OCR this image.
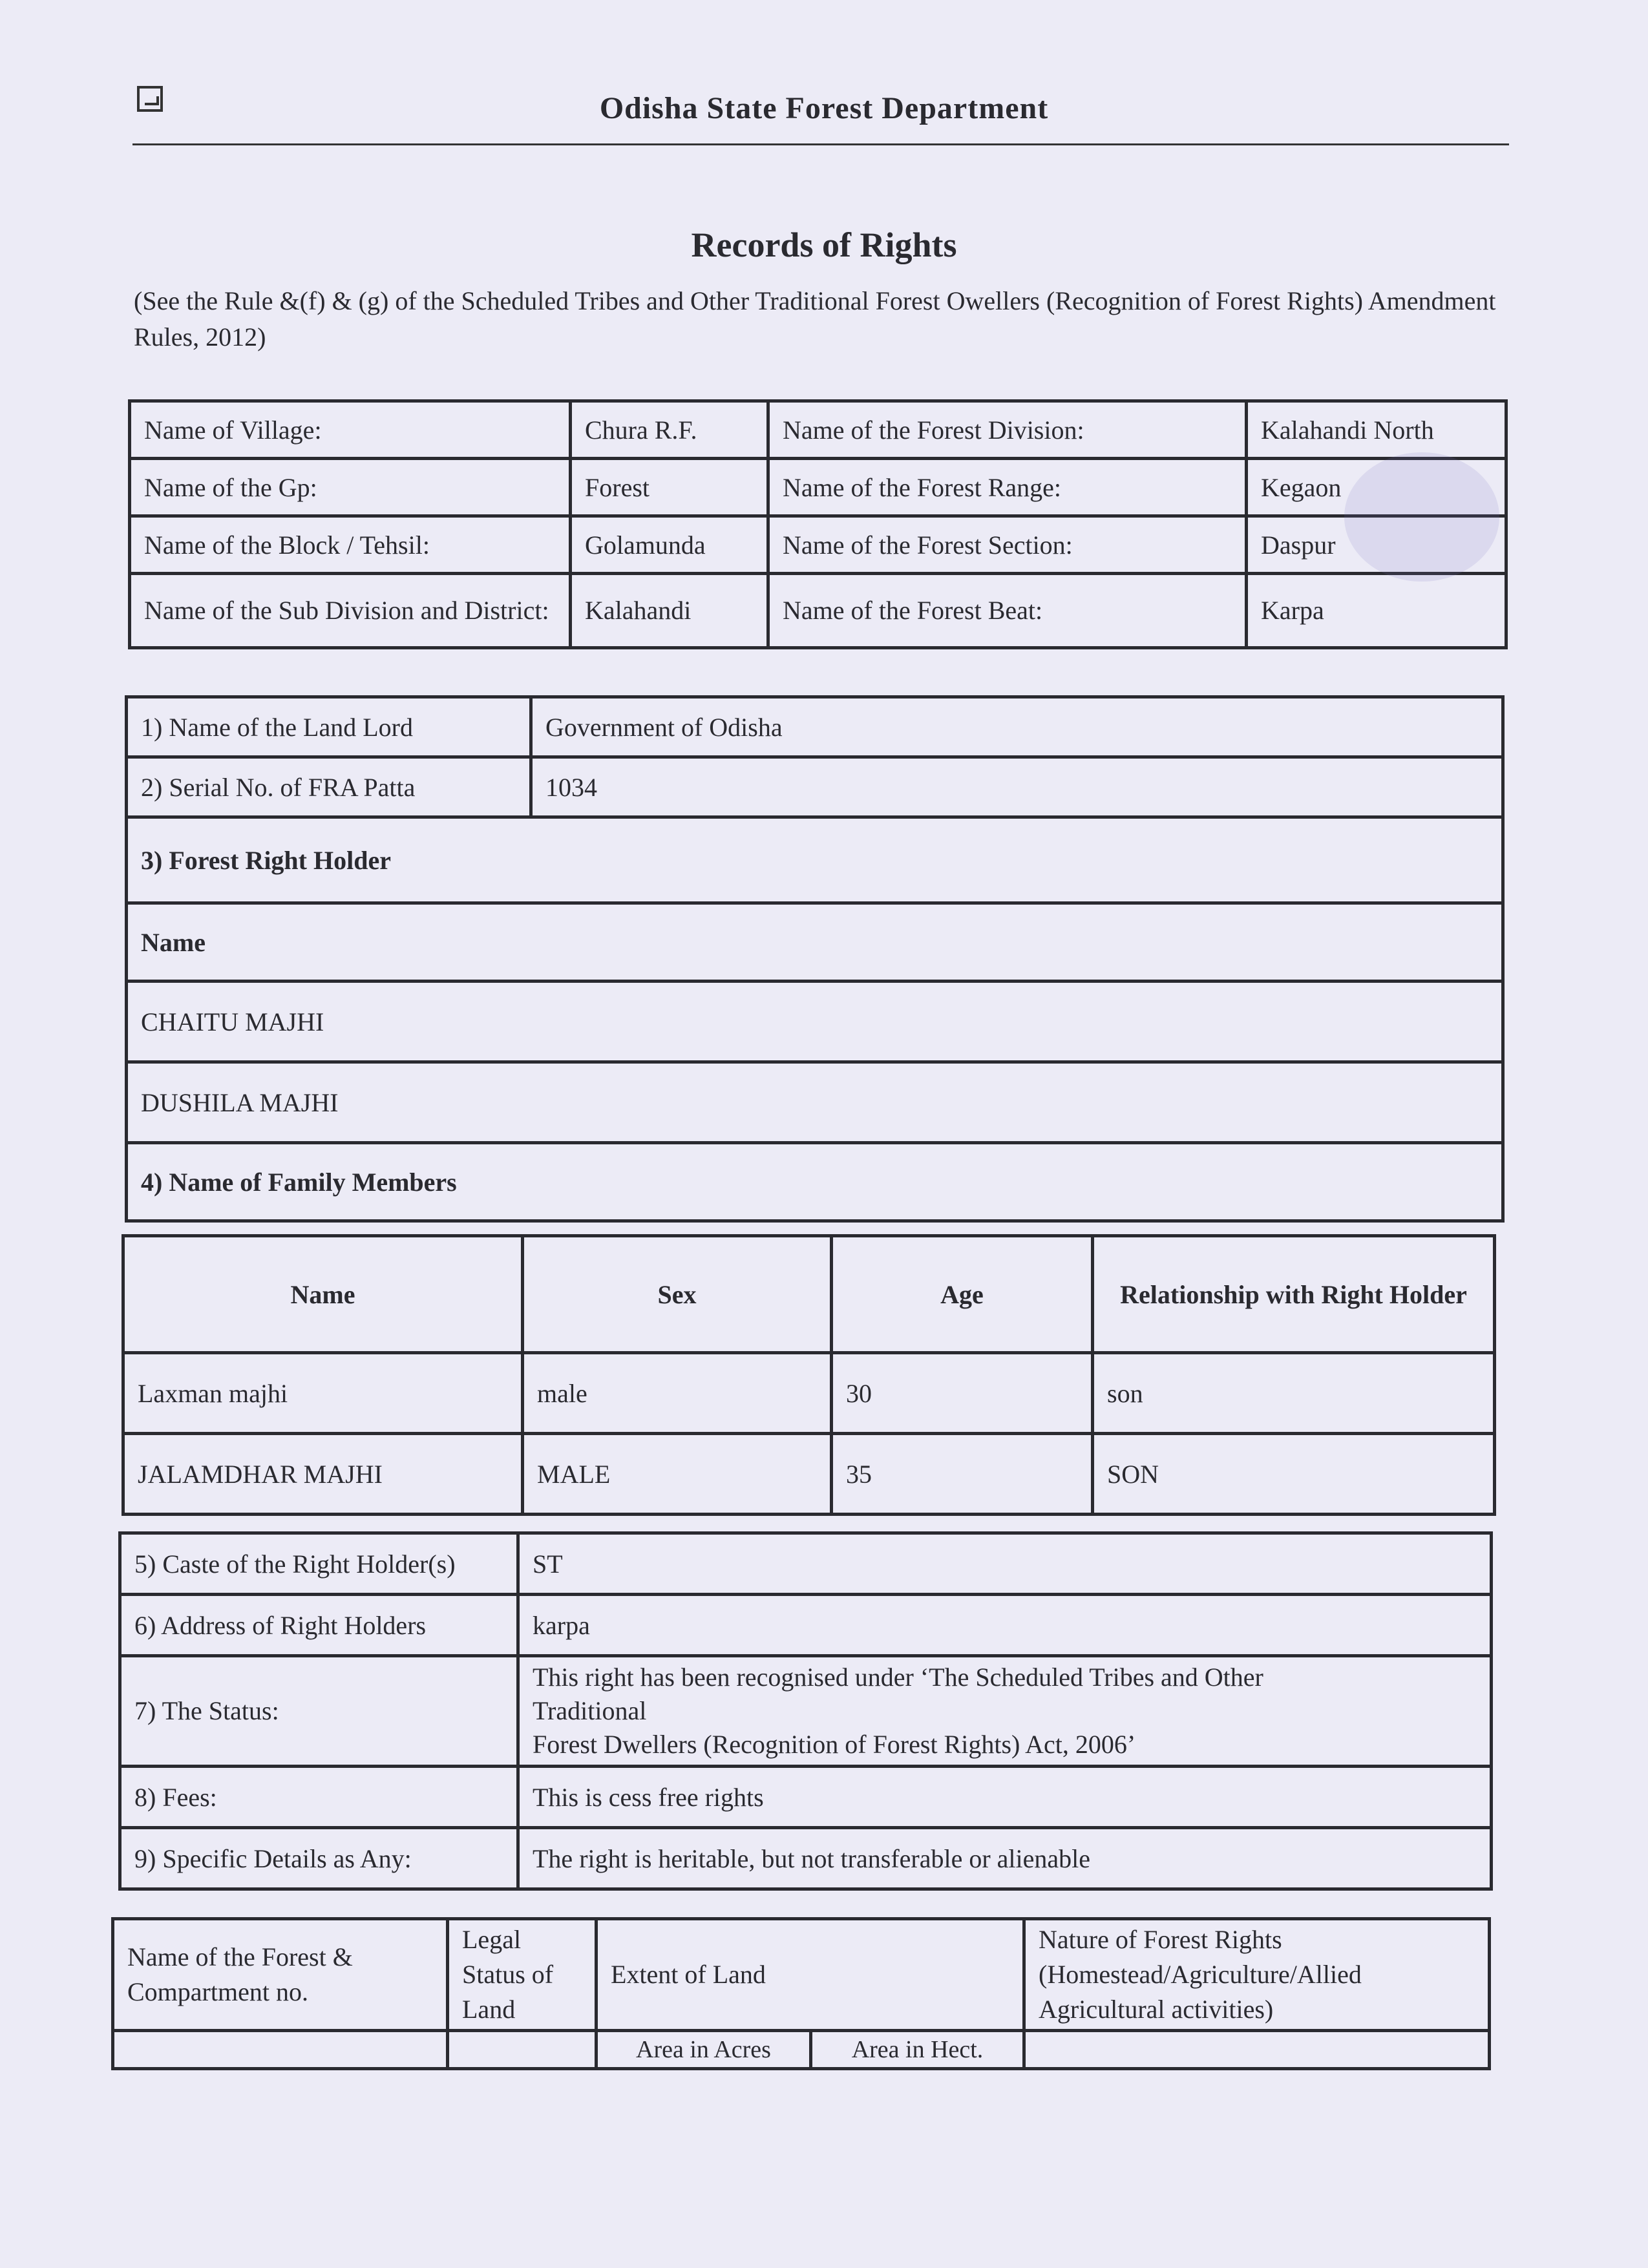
Odisha State Forest Department
Records of Rights
(See the Rule &(f) & (g) of the Scheduled Tribes and Other Traditional Forest Owellers (Recognition of Forest Rights) Amendment Rules, 2012)
Name of Village:	Chura R.F.	Name of the Forest Division:	Kalahandi North
Name of the Gp:	Forest	Name of the Forest Range:	Kegaon
Name of the Block / Tehsil:	Golamunda	Name of the Forest Section:	Daspur
Name of the Sub Division and District:	Kalahandi	Name of the Forest Beat:	Karpa
1) Name of the Land Lord	Government of Odisha
2) Serial No. of FRA Patta	1034
3) Forest Right Holder	
Name	
CHAITU MAJHI	
DUSHILA MAJHI	
4) Name of Family Members	
Name	Sex	Age	Relationship with Right Holder
Laxman majhi	male	30	son
JALAMDHAR MAJHI	MALE	35	SON
5) Caste of the Right Holder(s)	ST
6) Address of Right Holders	karpa
7) The Status:	This right has been recognised under ‘The Scheduled Tribes and Other
Traditional
Forest Dwellers (Recognition of Forest Rights) Act, 2006’

8) Fees:	This is cess free rights
9) Specific Details as Any:	The right is heritable, but not transferable or alienable
Name of the Forest & Compartment no.	Legal Status of Land	Extent of Land		Nature of Forest Rights (Homestead/Agriculture/Allied Agricultural activities)
		Area in Acres	Area in Hect.	
